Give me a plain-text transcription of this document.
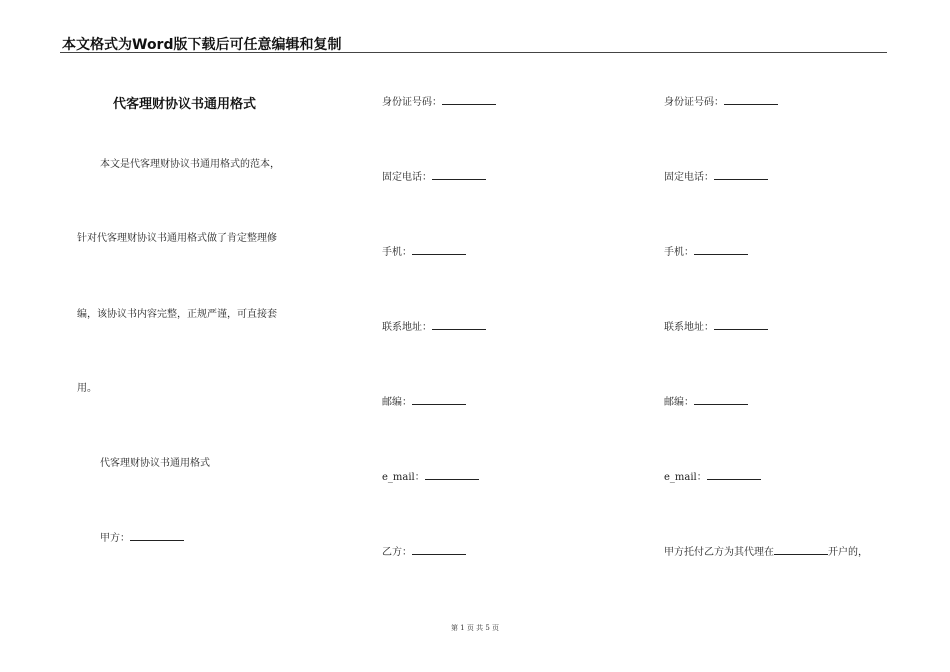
本文格式为Word版下载后可任意编辑和复制
代客理财协议书通用格式
本文是代客理财协议书通用格式的范本，
针对代客理财协议书通用格式做了肯定整理修
编，该协议书内容完整，正规严谨，可直接套
用。
代客理财协议书通用格式
甲方：
身份证号码：
固定电话：
手机：
联系地址：
邮编：
e_mail：
乙方：
身份证号码：
固定电话：
手机：
联系地址：
邮编：
e_mail：
甲方托付乙方为其代理在	开户的，
第 1 页 共 5 页
